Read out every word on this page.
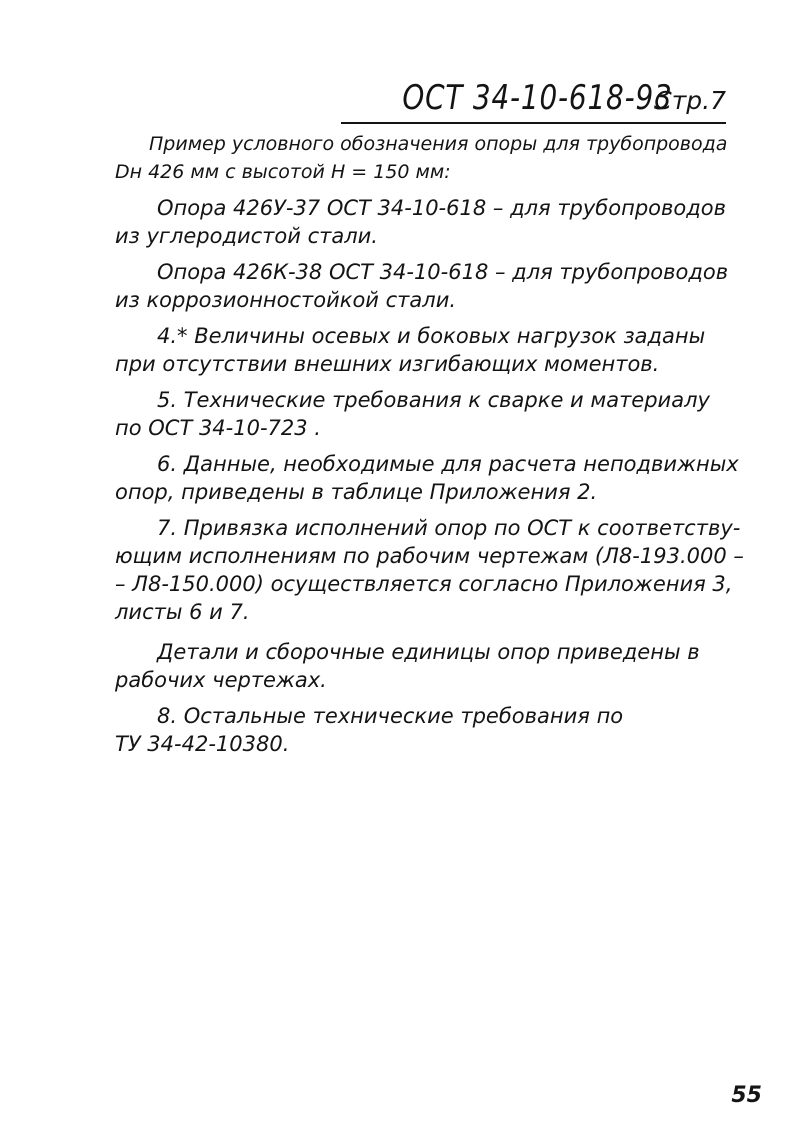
ОСТ 34-10-618-93
Стр.7
Пример условного обозначения опоры для трубопровода
Dн 426 мм с высотой Н = 150 мм:
Опора 426У-37 ОСТ 34-10-618 – для трубопроводов
из углеродистой стали.
Опора 426К-38 ОСТ 34-10-618 – для трубопроводов
из коррозионностойкой стали.
4.* Величины осевых и боковых нагрузок заданы
при отсутствии внешних изгибающих моментов.
5. Технические требования к сварке и материалу
по ОСТ 34-10-723 .
6. Данные, необходимые для расчета неподвижных
опор, приведены в таблице Приложения 2.
7. Привязка исполнений опор по ОСТ к соответству-
ющим исполнениям по рабочим чертежам (Л8-193.000 –
– Л8-150.000) осуществляется согласно Приложения 3,
листы 6 и 7.
Детали и сборочные единицы опор приведены в
рабочих чертежах.
8. Остальные технические требования по
ТУ 34-42-10380.
55
